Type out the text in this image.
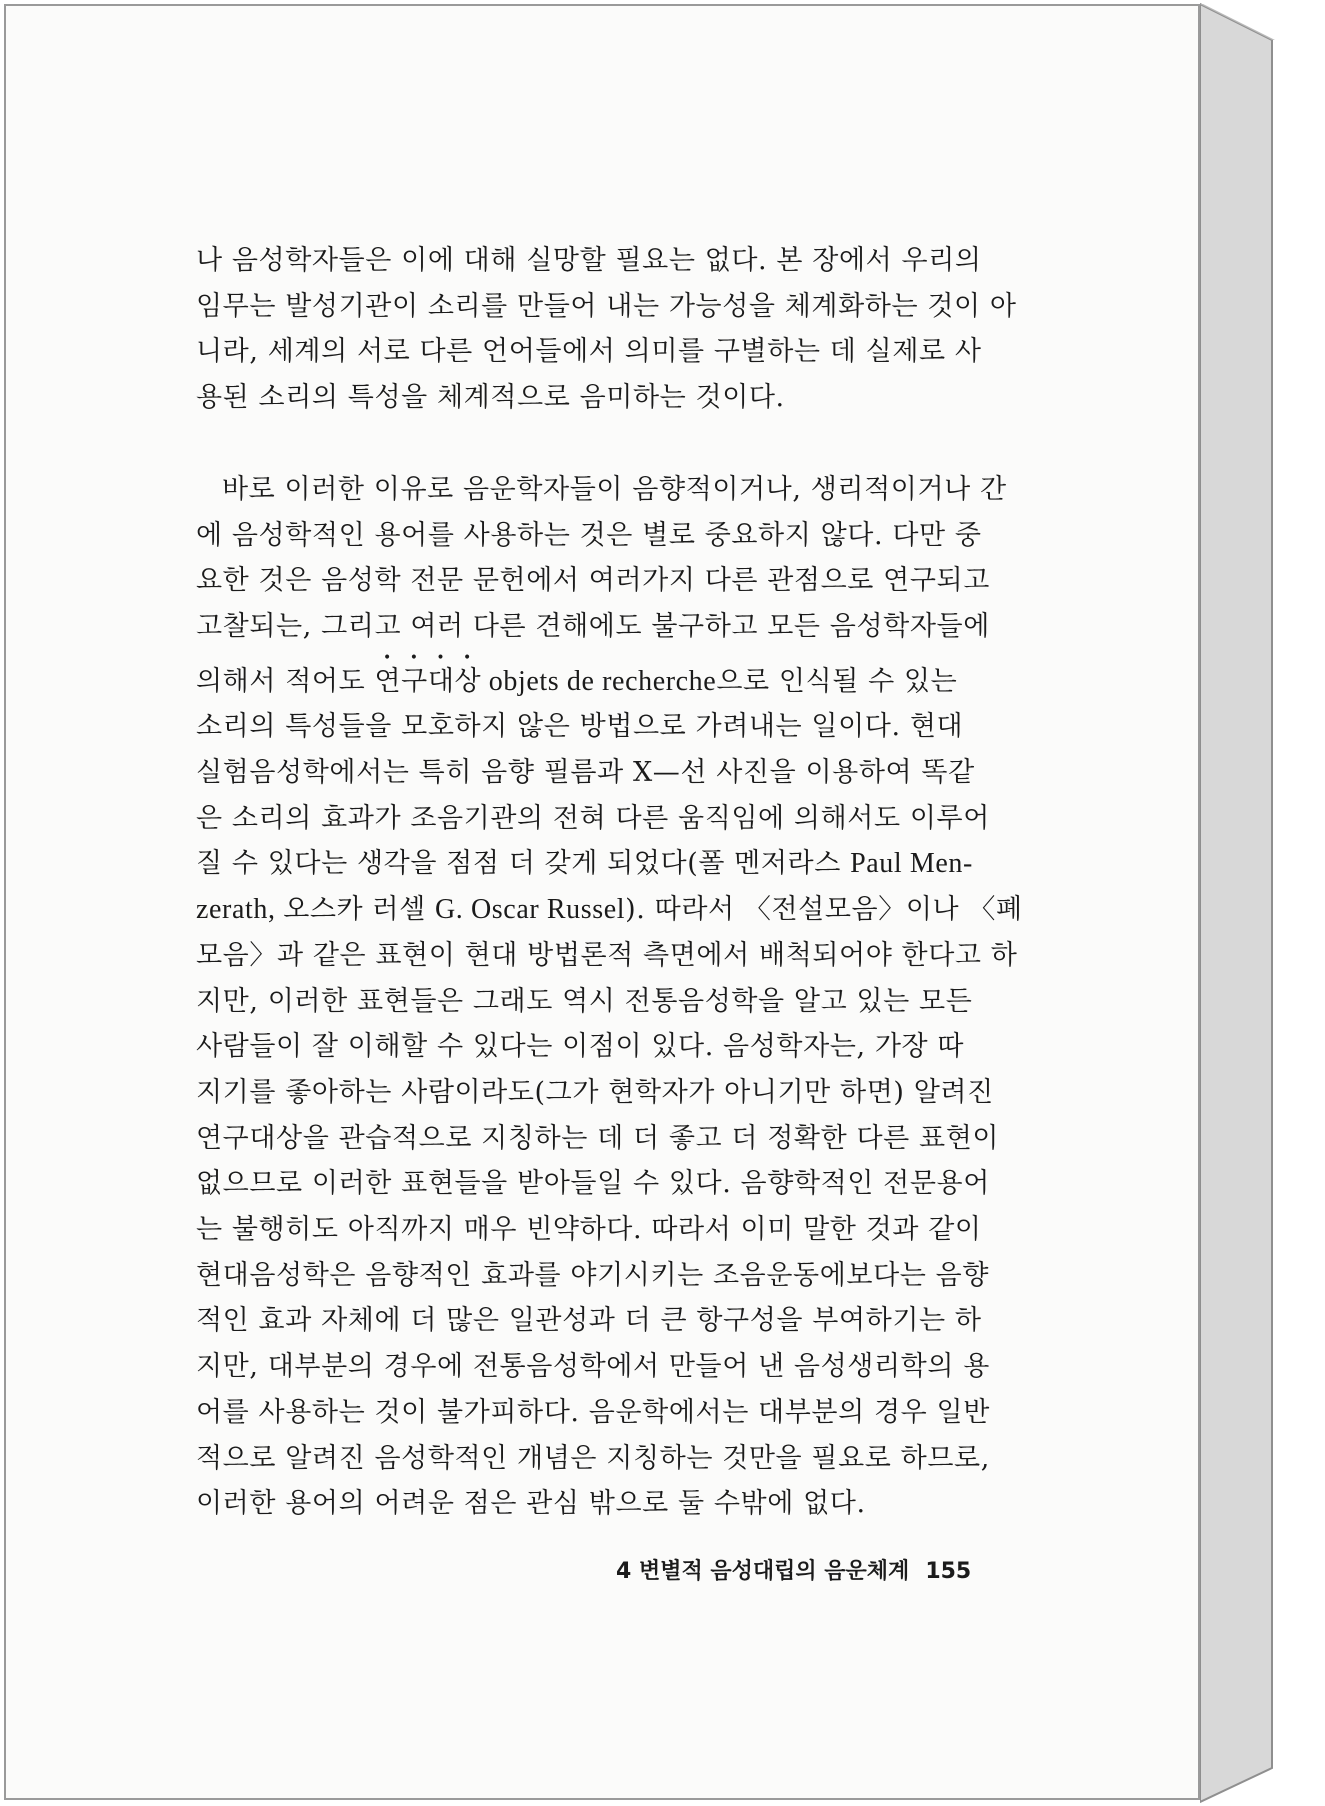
나 음성학자들은 이에 대해 실망할 필요는 없다. 본 장에서 우리의
임무는 발성기관이 소리를 만들어 내는 가능성을 체계화하는 것이 아
니라, 세계의 서로 다른 언어들에서 의미를 구별하는 데 실제로 사
용된 소리의 특성을 체계적으로 음미하는 것이다.
바로 이러한 이유로 음운학자들이 음향적이거나, 생리적이거나 간
에 음성학적인 용어를 사용하는 것은 별로 중요하지 않다. 다만 중
요한 것은 음성학 전문 문헌에서 여러가지 다른 관점으로 연구되고
고찰되는, 그리고 여러 다른 견해에도 불구하고 모든 음성학자들에
의해서 적어도 연구대상 objets de recherche으로 인식될 수 있는
소리의 특성들을 모호하지 않은 방법으로 가려내는 일이다. 현대
실험음성학에서는 특히 음향 필름과 X—선 사진을 이용하여 똑같
은 소리의 효과가 조음기관의 전혀 다른 움직임에 의해서도 이루어
질 수 있다는 생각을 점점 더 갖게 되었다(폴 멘저라스 Paul Men-
zerath, 오스카 러셀 G. Oscar Russel). 따라서 〈전설모음〉이나 〈폐
모음〉과 같은 표현이 현대 방법론적 측면에서 배척되어야 한다고 하
지만, 이러한 표현들은 그래도 역시 전통음성학을 알고 있는 모든
사람들이 잘 이해할 수 있다는 이점이 있다. 음성학자는, 가장 따
지기를 좋아하는 사람이라도(그가 현학자가 아니기만 하면) 알려진
연구대상을 관습적으로 지칭하는 데 더 좋고 더 정확한 다른 표현이
없으므로 이러한 표현들을 받아들일 수 있다. 음향학적인 전문용어
는 불행히도 아직까지 매우 빈약하다. 따라서 이미 말한 것과 같이
현대음성학은 음향적인 효과를 야기시키는 조음운동에보다는 음향
적인 효과 자체에 더 많은 일관성과 더 큰 항구성을 부여하기는 하
지만, 대부분의 경우에 전통음성학에서 만들어 낸 음성생리학의 용
어를 사용하는 것이 불가피하다. 음운학에서는 대부분의 경우 일반
적으로 알려진 음성학적인 개념은 지칭하는 것만을 필요로 하므로,
이러한 용어의 어려운 점은 관심 밖으로 둘 수밖에 없다.
4 변별적 음성대립의 음운체계 155
